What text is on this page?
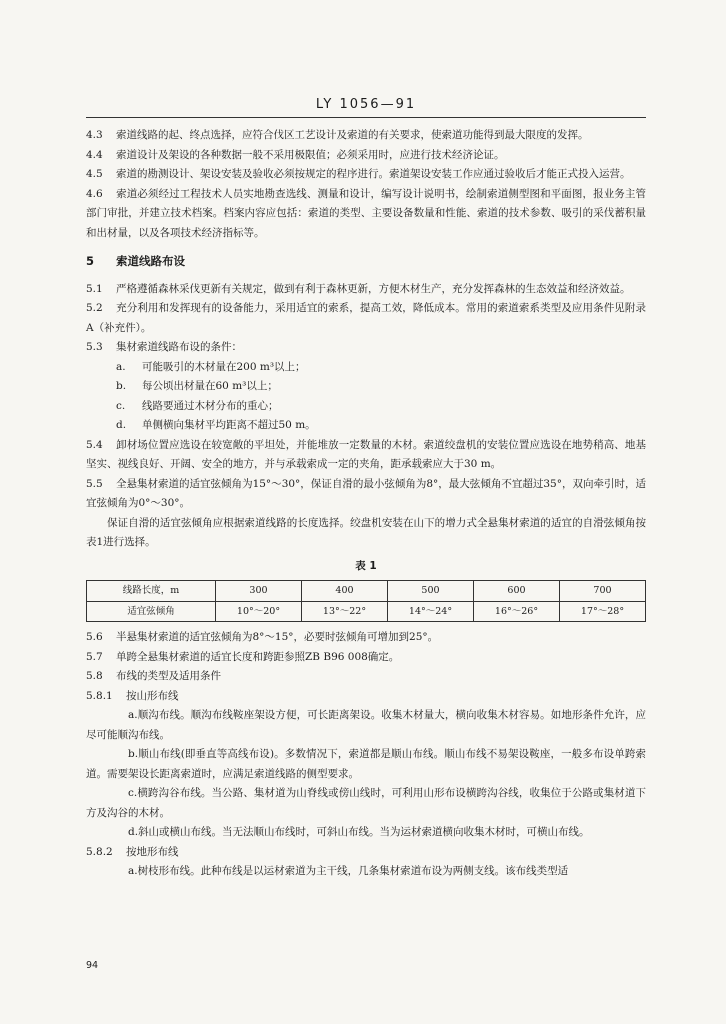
LY 1056—91

4.3 索道线路的起、终点选择，应符合伐区工艺设计及索道的有关要求，使索道功能得到最大限度的发挥。

4.4 索道设计及架设的各种数据一般不采用极限值；必须采用时，应进行技术经济论证。

4.5 索道的勘测设计、架设安装及验收必须按规定的程序进行。索道架设安装工作应通过验收后才能正式投入运营。

4.6 索道必须经过工程技术人员实地勘查选线、测量和设计，编写设计说明书，绘制索道侧型图和平面图，报业务主管部门审批，并建立技术档案。档案内容应包括：索道的类型、主要设备数量和性能、索道的技术参数、吸引的采伐蓄积量和出材量，以及各项技术经济指标等。

5 索道线路布设

5.1 严格遵循森林采伐更新有关规定，做到有利于森林更新，方便木材生产，充分发挥森林的生态效益和经济效益。

5.2 充分利用和发挥现有的设备能力，采用适宜的索系，提高工效，降低成本。常用的索道索系类型及应用条件见附录A（补充件）。

5.3 集材索道线路布设的条件：

a. 可能吸引的木材量在200 m³以上；

b. 每公顷出材量在60 m³以上；

c. 线路要通过木材分布的重心；

d. 单侧横向集材平均距离不超过50 m。

5.4 卸材场位置应选设在较宽敞的平坦处，并能堆放一定数量的木材。索道绞盘机的安装位置应选设在地势稍高、地基坚实、视线良好、开阔、安全的地方，并与承载索成一定的夹角，距承载索应大于30 m。

5.5 全悬集材索道的适宜弦倾角为15°～30°，保证自滑的最小弦倾角为8°，最大弦倾角不宜超过35°，双向牵引时，适宜弦倾角为0°～30°。

保证自滑的适宜弦倾角应根据索道线路的长度选择。绞盘机安装在山下的增力式全悬集材索道的适宜的自滑弦倾角按表1进行选择。

表 1
线路长度，m	300	400	500	600	700
适宜弦倾角	10°～20°	13°～22°	14°～24°	16°～26°	17°～28°

5.6 半悬集材索道的适宜弦倾角为8°～15°，必要时弦倾角可增加到25°。

5.7 单跨全悬集材索道的适宜长度和跨距参照ZB B96 008确定。

5.8 布线的类型及适用条件

5.8.1 按山形布线

a.顺沟布线。顺沟布线鞍座架设方便，可长距离架设。收集木材量大，横向收集木材容易。如地形条件允许，应尽可能顺沟布线。

b.顺山布线(即垂直等高线布设)。多数情况下，索道都是顺山布线。顺山布线不易架设鞍座，一般多布设单跨索道。需要架设长距离索道时，应满足索道线路的侧型要求。

c.横跨沟谷布线。当公路、集材道为山脊线或傍山线时，可利用山形布设横跨沟谷线，收集位于公路或集材道下方及沟谷的木材。

d.斜山或横山布线。当无法顺山布线时，可斜山布线。当为运材索道横向收集木材时，可横山布线。

5.8.2 按地形布线

a.树枝形布线。此种布线是以运材索道为主干线，几条集材索道布设为两侧支线。该布线类型适

94
